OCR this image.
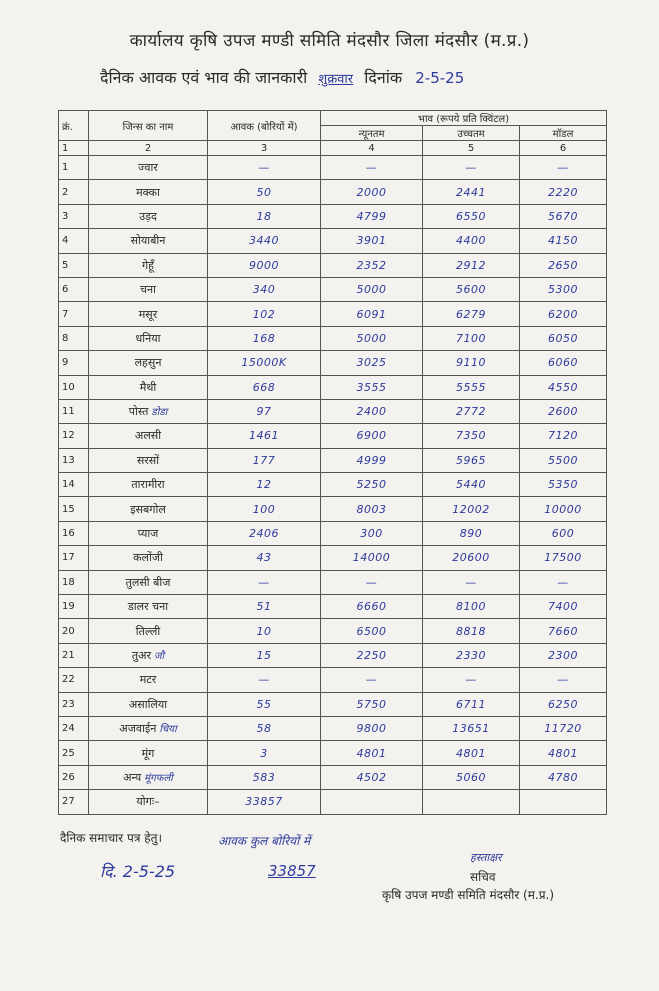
कार्यालय कृषि उपज मण्डी समिति मंदसौर जिला मंदसौर (म.प्र.)
दैनिक आवक एवं भाव की जानकारी शुक्रवार दिनांक 2-5-25
क्रं.	जिन्स का नाम	आवक (बोरियों में)	भाव (रूपये प्रति क्विंटल)		
			न्यूनतम	उच्चतम	मॉडल
1	2	3	4	5	6
1	ज्वार	—	—	—	—
2	मक्का	50	2000	2441	2220
3	उड़द	18	4799	6550	5670
4	सोयाबीन	3440	3901	4400	4150
5	गेहूँ	9000	2352	2912	2650
6	चना	340	5000	5600	5300
7	मसूर	102	6091	6279	6200
8	धनिया	168	5000	7100	6050
9	लहसुन	15000K	3025	9110	6060
10	मैथी	668	3555	5555	4550
11	पोस्त डोडा	97	2400	2772	2600
12	अलसी	1461	6900	7350	7120
13	सरसों	177	4999	5965	5500
14	तारामीरा	12	5250	5440	5350
15	इसबगोल	100	8003	12002	10000
16	प्याज	2406	300	890	600
17	कलोंजी	43	14000	20600	17500
18	तुलसी बीज	—	—	—	—
19	डालर चना	51	6660	8100	7400
20	तिल्ली	10	6500	8818	7660
21	तुअर जौ	15	2250	2330	2300
22	मटर	—	—	—	—
23	असालिया	55	5750	6711	6250
24	अजवाईन चिया	58	9800	13651	11720
25	मूंग	3	4801	4801	4801
26	अन्य मूंगफली	583	4502	5060	4780
27	योगः–	33857			
दैनिक समाचार पत्र हेतु।	आवक कुल बोरियों में
दि. 2-5-25	33857
हस्ताक्षर
सचिव
कृषि उपज मण्डी समिति मंदसौर (म.प्र.)
